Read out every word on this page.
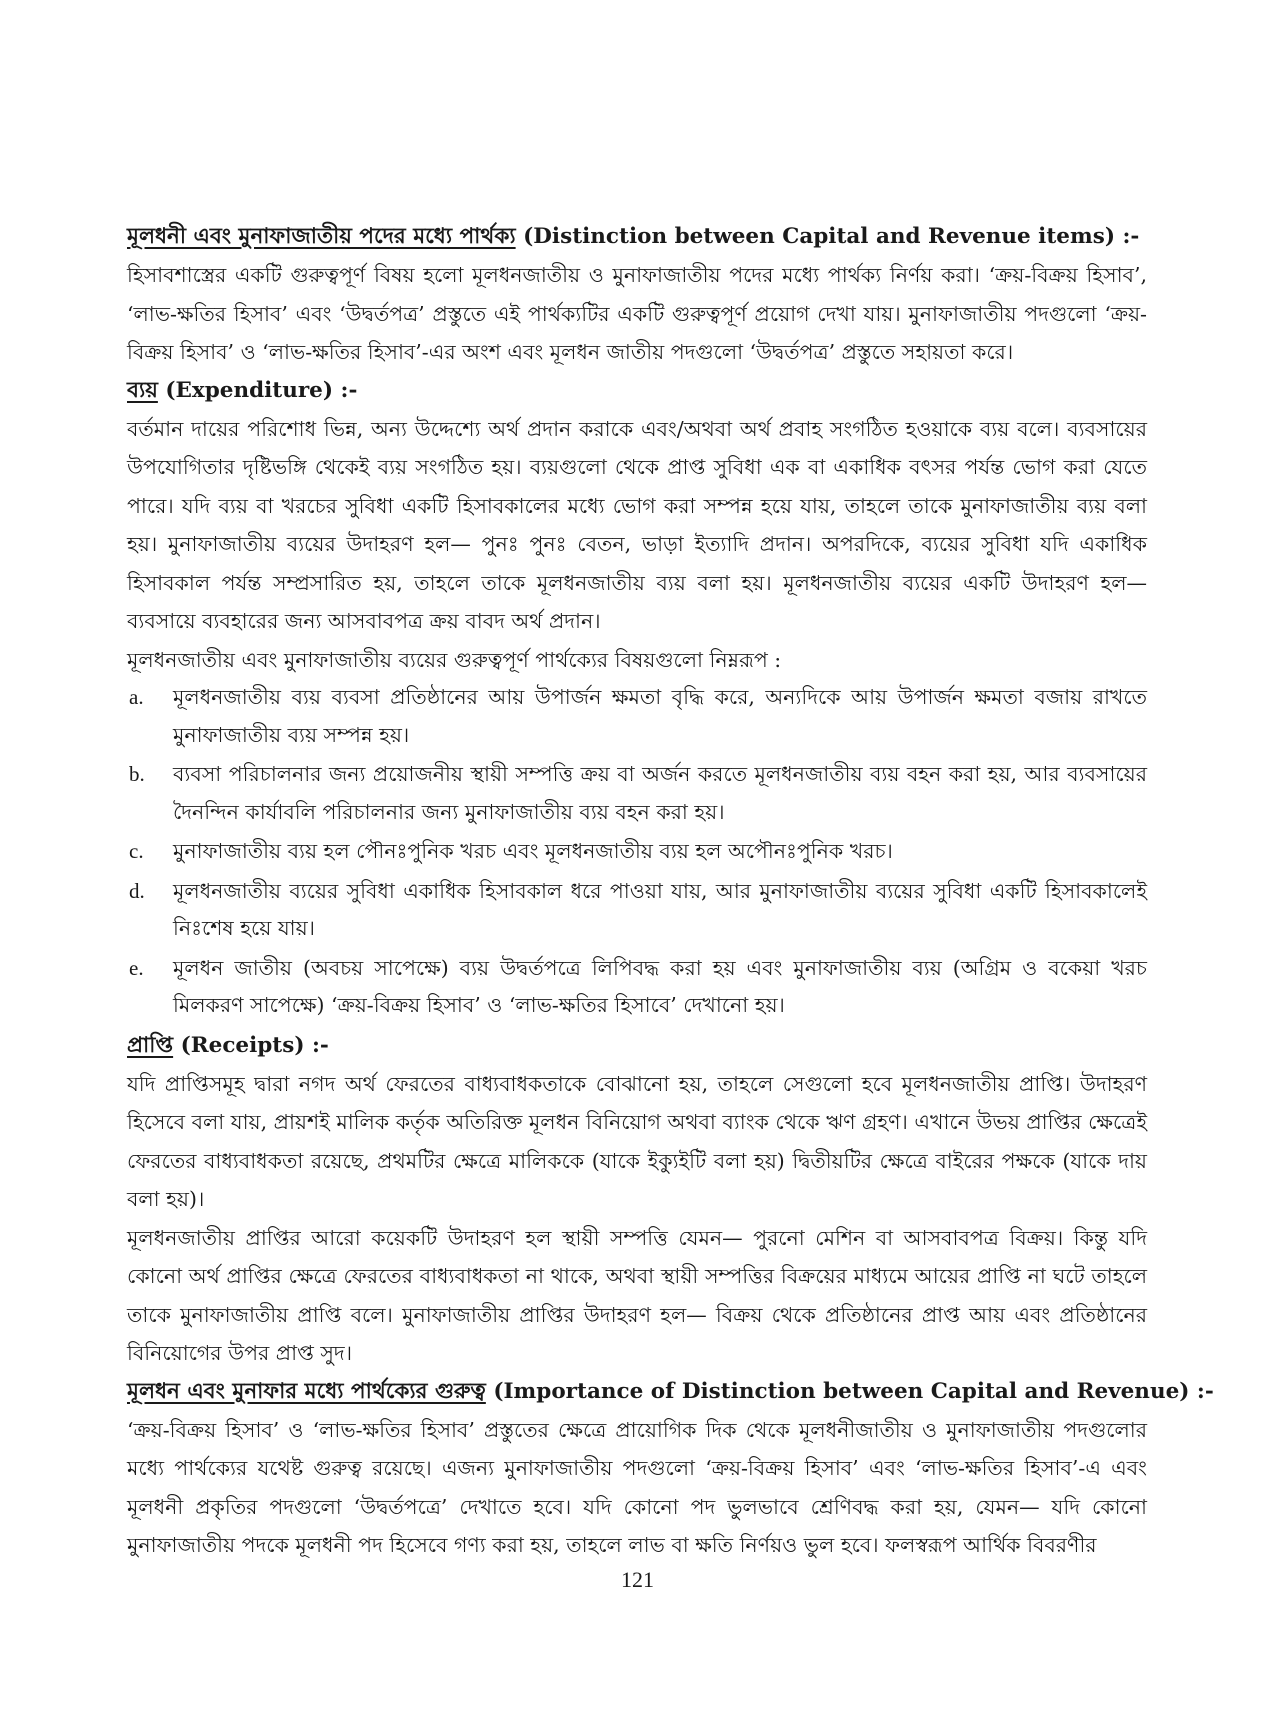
মূলধনী এবং মুনাফাজাতীয় পদের মধ্যে পার্থক্য (Distinction between Capital and Revenue items) :-

হিসাবশাস্ত্রের একটি গুরুত্বপূর্ণ বিষয় হলো মূলধনজাতীয় ও মুনাফাজাতীয় পদের মধ্যে পার্থক্য নির্ণয় করা। ‘ক্রয়-বিক্রয় হিসাব’, ‘লাভ-ক্ষতির হিসাব’ এবং ‘উদ্বর্তপত্র’ প্রস্তুতে এই পার্থক্যটির একটি গুরুত্বপূর্ণ প্রয়োগ দেখা যায়। মুনাফাজাতীয় পদগুলো ‘ক্রয়-বিক্রয় হিসাব’ ও ‘লাভ-ক্ষতির হিসাব’-এর অংশ এবং মূলধন জাতীয় পদগুলো ‘উদ্বর্তপত্র’ প্রস্তুতে সহায়তা করে।

ব্যয় (Expenditure) :-

বর্তমান দায়ের পরিশোধ ভিন্ন, অন্য উদ্দেশ্যে অর্থ প্রদান করাকে এবং/অথবা অর্থ প্রবাহ সংগঠিত হওয়াকে ব্যয় বলে। ব্যবসায়ের উপযোগিতার দৃষ্টিভঙ্গি থেকেই ব্যয় সংগঠিত হয়। ব্যয়গুলো থেকে প্রাপ্ত সুবিধা এক বা একাধিক বৎসর পর্যন্ত ভোগ করা যেতে পারে। যদি ব্যয় বা খরচের সুবিধা একটি হিসাবকালের মধ্যে ভোগ করা সম্পন্ন হয়ে যায়, তাহলে তাকে মুনাফাজাতীয় ব্যয় বলা হয়। মুনাফাজাতীয় ব্যয়ের উদাহরণ হল— পুনঃ পুনঃ বেতন, ভাড়া ইত্যাদি প্রদান। অপরদিকে, ব্যয়ের সুবিধা যদি একাধিক হিসাবকাল পর্যন্ত সম্প্রসারিত হয়, তাহলে তাকে মূলধনজাতীয় ব্যয় বলা হয়। মূলধনজাতীয় ব্যয়ের একটি উদাহরণ হল— ব্যবসায়ে ব্যবহারের জন্য আসবাবপত্র ক্রয় বাবদ অর্থ প্রদান।

মূলধনজাতীয় এবং মুনাফাজাতীয় ব্যয়ের গুরুত্বপূর্ণ পার্থক্যের বিষয়গুলো নিম্নরূপ :

a. মূলধনজাতীয় ব্যয় ব্যবসা প্রতিষ্ঠানের আয় উপার্জন ক্ষমতা বৃদ্ধি করে, অন্যদিকে আয় উপার্জন ক্ষমতা বজায় রাখতে মুনাফাজাতীয় ব্যয় সম্পন্ন হয়।
b. ব্যবসা পরিচালনার জন্য প্রয়োজনীয় স্থায়ী সম্পত্তি ক্রয় বা অর্জন করতে মূলধনজাতীয় ব্যয় বহন করা হয়, আর ব্যবসায়ের দৈনন্দিন কার্যাবলি পরিচালনার জন্য মুনাফাজাতীয় ব্যয় বহন করা হয়।
c. মুনাফাজাতীয় ব্যয় হল পৌনঃপুনিক খরচ এবং মূলধনজাতীয় ব্যয় হল অপৌনঃপুনিক খরচ।
d. মূলধনজাতীয় ব্যয়ের সুবিধা একাধিক হিসাবকাল ধরে পাওয়া যায়, আর মুনাফাজাতীয় ব্যয়ের সুবিধা একটি হিসাবকালেই নিঃশেষ হয়ে যায়।
e. মূলধন জাতীয় (অবচয় সাপেক্ষে) ব্যয় উদ্বর্তপত্রে লিপিবদ্ধ করা হয় এবং মুনাফাজাতীয় ব্যয় (অগ্রিম ও বকেয়া খরচ মিলকরণ সাপেক্ষে) ‘ক্রয়-বিক্রয় হিসাব’ ও ‘লাভ-ক্ষতির হিসাবে’ দেখানো হয়।
প্রাপ্তি (Receipts) :-

যদি প্রাপ্তিসমূহ দ্বারা নগদ অর্থ ফেরতের বাধ্যবাধকতাকে বোঝানো হয়, তাহলে সেগুলো হবে মূলধনজাতীয় প্রাপ্তি। উদাহরণ হিসেবে বলা যায়, প্রায়শই মালিক কর্তৃক অতিরিক্ত মূলধন বিনিয়োগ অথবা ব্যাংক থেকে ঋণ গ্রহণ। এখানে উভয় প্রাপ্তির ক্ষেত্রেই ফেরতের বাধ্যবাধকতা রয়েছে, প্রথমটির ক্ষেত্রে মালিককে (যাকে ইক্যুইটি বলা হয়) দ্বিতীয়টির ক্ষেত্রে বাইরের পক্ষকে (যাকে দায় বলা হয়)।

মূলধনজাতীয় প্রাপ্তির আরো কয়েকটি উদাহরণ হল স্থায়ী সম্পত্তি যেমন— পুরনো মেশিন বা আসবাবপত্র বিক্রয়। কিন্তু যদি কোনো অর্থ প্রাপ্তির ক্ষেত্রে ফেরতের বাধ্যবাধকতা না থাকে, অথবা স্থায়ী সম্পত্তির বিক্রয়ের মাধ্যমে আয়ের প্রাপ্তি না ঘটে তাহলে তাকে মুনাফাজাতীয় প্রাপ্তি বলে। মুনাফাজাতীয় প্রাপ্তির উদাহরণ হল— বিক্রয় থেকে প্রতিষ্ঠানের প্রাপ্ত আয় এবং প্রতিষ্ঠানের বিনিয়োগের উপর প্রাপ্ত সুদ।

মূলধন এবং মুনাফার মধ্যে পার্থক্যের গুরুত্ব (Importance of Distinction between Capital and Revenue) :-

‘ক্রয়-বিক্রয় হিসাব’ ও ‘লাভ-ক্ষতির হিসাব’ প্রস্তুতের ক্ষেত্রে প্রায়োগিক দিক থেকে মূলধনীজাতীয় ও মুনাফাজাতীয় পদগুলোর মধ্যে পার্থক্যের যথেষ্ট গুরুত্ব রয়েছে। এজন্য মুনাফাজাতীয় পদগুলো ‘ক্রয়-বিক্রয় হিসাব’ এবং ‘লাভ-ক্ষতির হিসাব’-এ এবং মূলধনী প্রকৃতির পদগুলো ‘উদ্বর্তপত্রে’ দেখাতে হবে। যদি কোনো পদ ভুলভাবে শ্রেণিবদ্ধ করা হয়, যেমন— যদি কোনো মুনাফাজাতীয় পদকে মূলধনী পদ হিসেবে গণ্য করা হয়, তাহলে লাভ বা ক্ষতি নির্ণয়ও ভুল হবে। ফলস্বরূপ আর্থিক বিবরণীর

121
